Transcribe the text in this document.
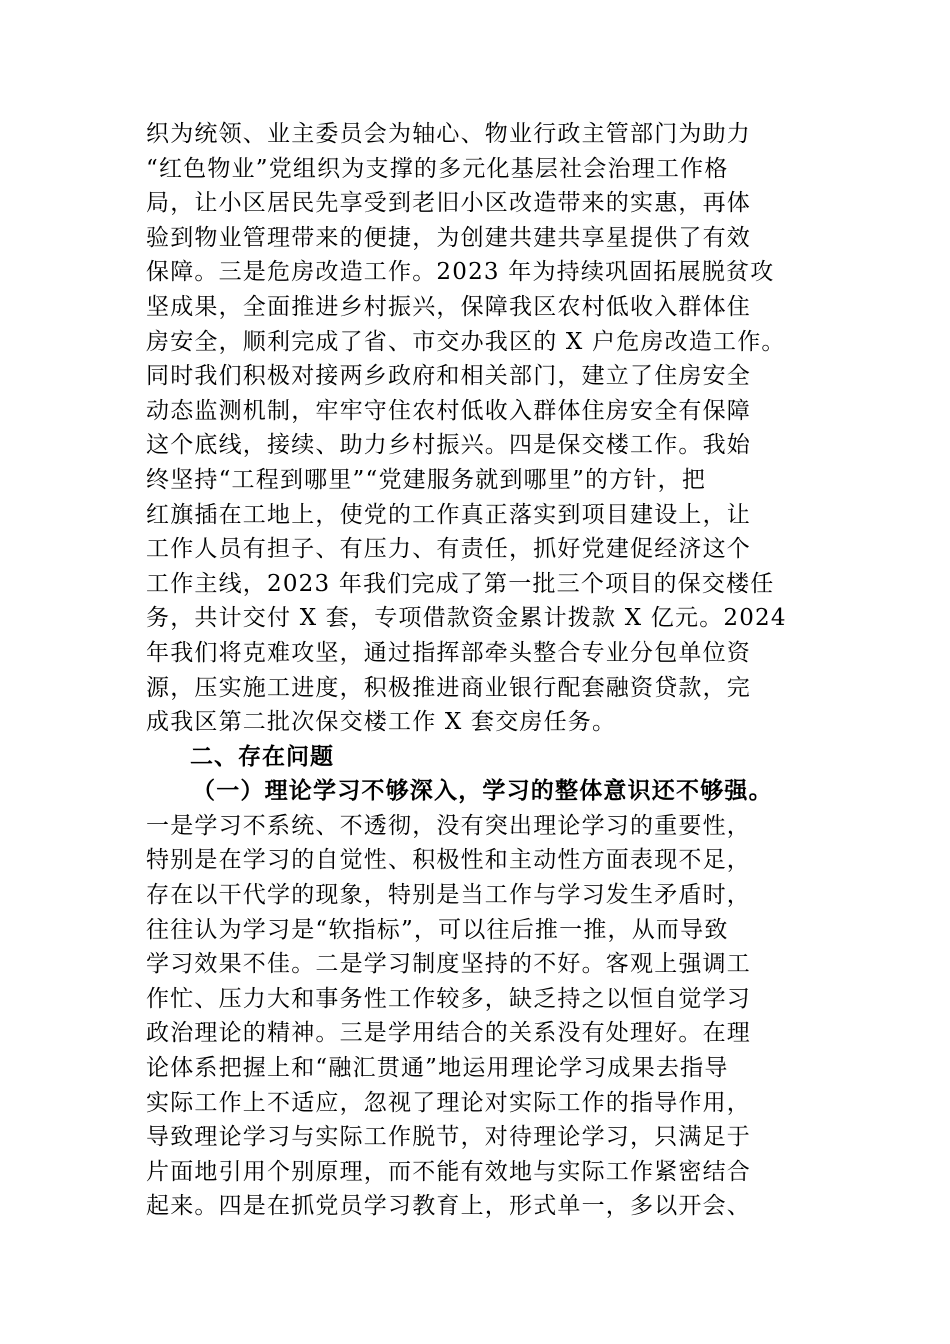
织为统领、业主委员会为轴心、物业行政主管部门为助力
“红色物业”党组织为支撑的多元化基层社会治理工作格
局，让小区居民先享受到老旧小区改造带来的实惠，再体
验到物业管理带来的便捷，为创建共建共享星提供了有效
保障。三是危房改造工作。2023 年为持续巩固拓展脱贫攻
坚成果，全面推进乡村振兴，保障我区农村低收入群体住
房安全，顺利完成了省、市交办我区的 X 户危房改造工作。
同时我们积极对接两乡政府和相关部门，建立了住房安全
动态监测机制，牢牢守住农村低收入群体住房安全有保障
这个底线，接续、助力乡村振兴。四是保交楼工作。我始
终坚持“工程到哪里”“党建服务就到哪里”的方针，把
红旗插在工地上，使党的工作真正落实到项目建设上，让
工作人员有担子、有压力、有责任，抓好党建促经济这个
工作主线，2023 年我们完成了第一批三个项目的保交楼任
务，共计交付 X 套，专项借款资金累计拨款 X 亿元。2024
年我们将克难攻坚，通过指挥部牵头整合专业分包单位资
源，压实施工进度，积极推进商业银行配套融资贷款，完
成我区第二批次保交楼工作 X 套交房任务。
二、存在问题
（一）理论学习不够深入，学习的整体意识还不够强。
一是学习不系统、不透彻，没有突出理论学习的重要性，
特别是在学习的自觉性、积极性和主动性方面表现不足，
存在以干代学的现象，特别是当工作与学习发生矛盾时，
往往认为学习是“软指标”，可以往后推一推，从而导致
学习效果不佳。二是学习制度坚持的不好。客观上强调工
作忙、压力大和事务性工作较多，缺乏持之以恒自觉学习
政治理论的精神。三是学用结合的关系没有处理好。在理
论体系把握上和“融汇贯通”地运用理论学习成果去指导
实际工作上不适应，忽视了理论对实际工作的指导作用，
导致理论学习与实际工作脱节，对待理论学习，只满足于
片面地引用个别原理，而不能有效地与实际工作紧密结合
起来。四是在抓党员学习教育上，形式单一，多以开会、
